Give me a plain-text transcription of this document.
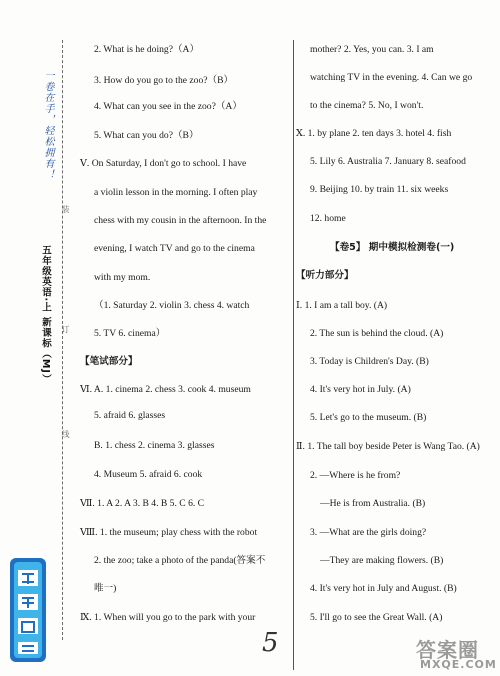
一卷在手，轻松拥有！
五年级英语·上 新课标（MJ）
装
订
线
2. What is he doing?（A）
3. How do you go to the zoo?（B）
4. What can you see in the zoo?（A）
5. What can you do?（B）
Ⅴ. On Saturday, I don't go to school. I have
a violin lesson in the morning. I often play
chess with my cousin in the afternoon. In the
evening, I watch TV and go to the cinema
with my mom.
（1. Saturday 2. violin 3. chess 4. watch
5. TV 6. cinema）
【笔试部分】
Ⅵ. A. 1. cinema 2. chess 3. cook 4. museum
5. afraid 6. glasses
B. 1. chess 2. cinema 3. glasses
4. Museum 5. afraid 6. cook
Ⅶ. 1. A 2. A 3. B 4. B 5. C 6. C
Ⅷ. 1. the museum; play chess with the robot
2. the zoo; take a photo of the panda(答案不
唯一)
Ⅸ. 1. When will you go to the park with your
mother? 2. Yes, you can. 3. I am
watching TV in the evening. 4. Can we go
to the cinema? 5. No, I won't.
Ⅹ. 1. by plane 2. ten days 3. hotel 4. fish
5. Lily 6. Australia 7. January 8. seafood
9. Beijing 10. by train 11. six weeks
12. home
【卷5】 期中模拟检测卷(一)
【听力部分】
Ⅰ. 1. I am a tall boy. (A)
2. The sun is behind the cloud. (A)
3. Today is Children's Day. (B)
4. It's very hot in July. (A)
5. Let's go to the museum. (B)
Ⅱ. 1. The tall boy beside Peter is Wang Tao. (A)
2. —Where is he from?
—He is from Australia. (B)
3. —What are the girls doing?
—They are making flowers. (B)
4. It's very hot in July and August. (B)
5. I'll go to see the Great Wall. (A)
5	答案圈
MXQE.COM
